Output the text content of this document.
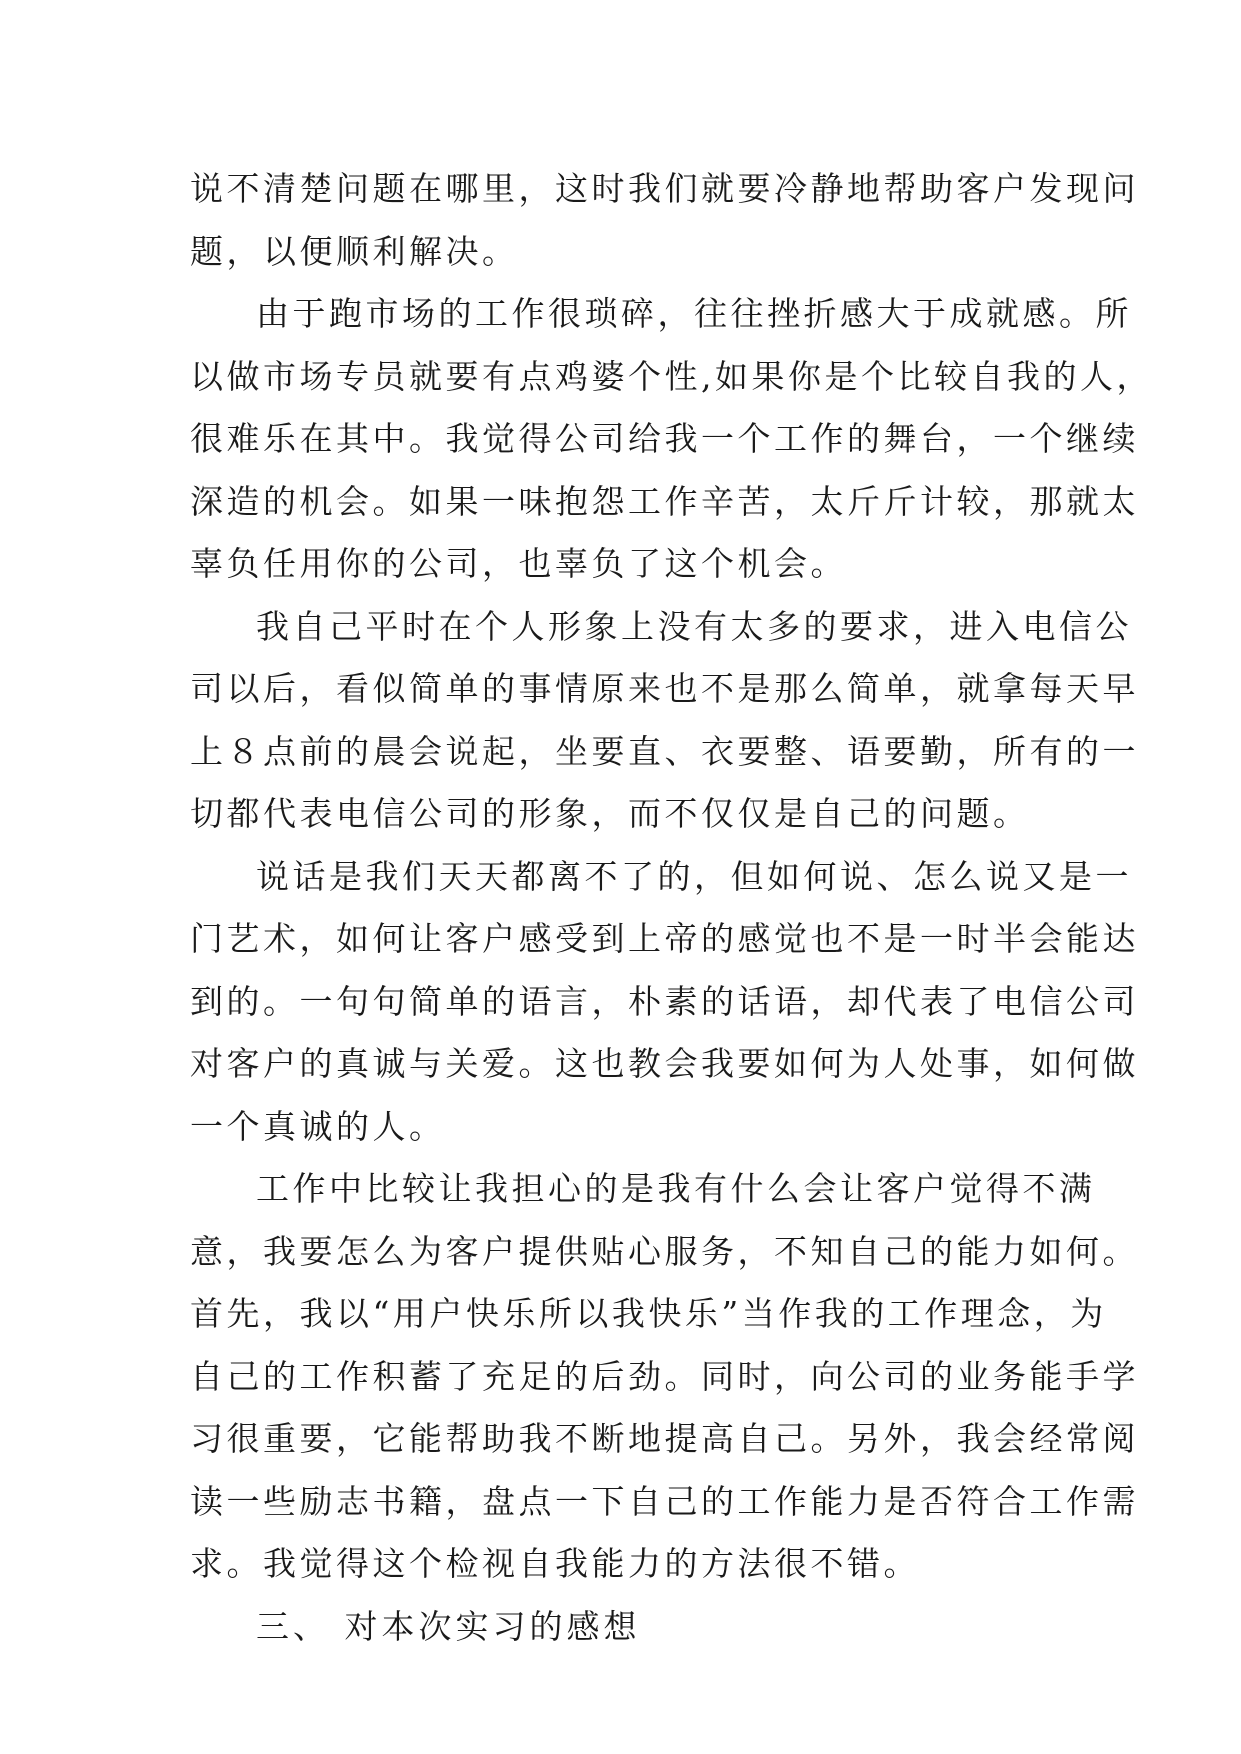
说不清楚问题在哪里，这时我们就要冷静地帮助客户发现问
题，以便顺利解决。
由于跑市场的工作很琐碎，往往挫折感大于成就感。所
以做市场专员就要有点鸡婆个性,如果你是个比较自我的人，
很难乐在其中。我觉得公司给我一个工作的舞台，一个继续
深造的机会。如果一味抱怨工作辛苦，太斤斤计较，那就太
辜负任用你的公司，也辜负了这个机会。
我自己平时在个人形象上没有太多的要求，进入电信公
司以后，看似简单的事情原来也不是那么简单，就拿每天早
上８点前的晨会说起，坐要直、衣要整、语要勤，所有的一
切都代表电信公司的形象，而不仅仅是自己的问题。
说话是我们天天都离不了的，但如何说、怎么说又是一
门艺术，如何让客户感受到上帝的感觉也不是一时半会能达
到的。一句句简单的语言，朴素的话语，却代表了电信公司
对客户的真诚与关爱。这也教会我要如何为人处事，如何做
一个真诚的人。
工作中比较让我担心的是我有什么会让客户觉得不满
意，我要怎么为客户提供贴心服务，不知自己的能力如何。
首先，我以“用户快乐所以我快乐”当作我的工作理念，为
自己的工作积蓄了充足的后劲。同时，向公司的业务能手学
习很重要，它能帮助我不断地提高自己。另外，我会经常阅
读一些励志书籍，盘点一下自己的工作能力是否符合工作需
求。我觉得这个检视自我能力的方法很不错。
三、 对本次实习的感想
